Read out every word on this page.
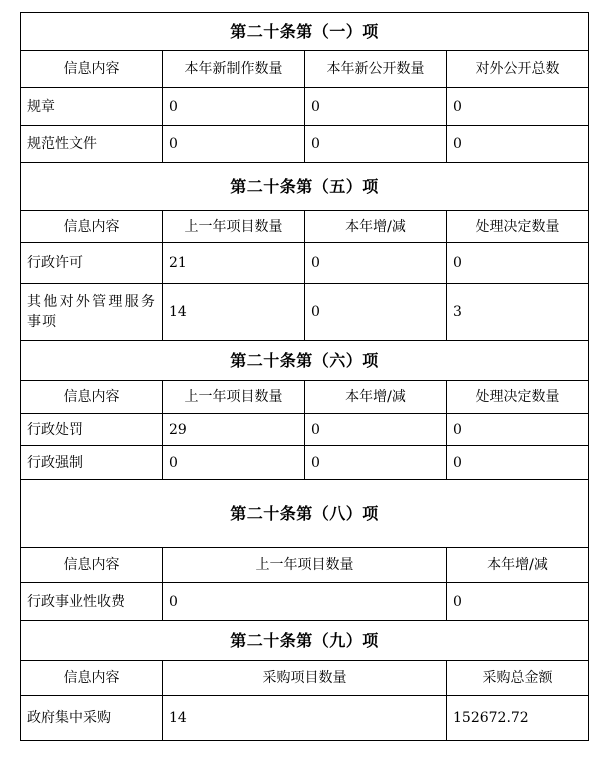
第二十条第（一）项			
信息内容	本年新制作数量	本年新公开数量	对外公开总数
规章	0	0	0
规范性文件	0	0	0
第二十条第（五）项			
信息内容	上一年项目数量	本年增/减	处理决定数量
行政许可	21	0	0
其他对外管理服务事项	14	0	3
第二十条第（六）项			
信息内容	上一年项目数量	本年增/减	处理决定数量
行政处罚	29	0	0
行政强制	0	0	0
第二十条第（八）项			
信息内容	上一年项目数量		本年增/减
行政事业性收费	0		0
第二十条第（九）项			
信息内容	采购项目数量		采购总金额
政府集中采购	14		152672.72
